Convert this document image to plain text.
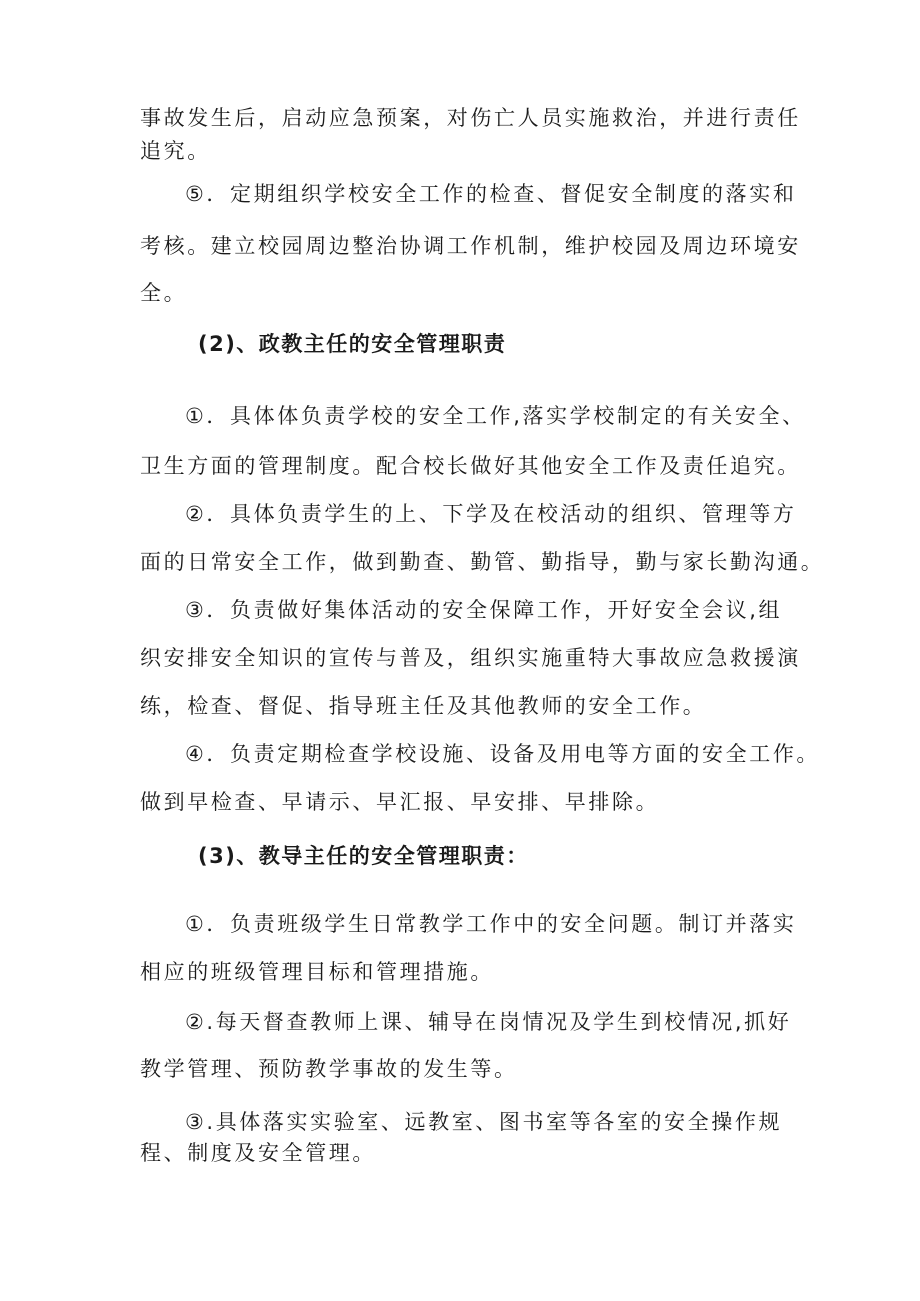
事故发生后，启动应急预案，对伤亡人员实施救治，并进行责任
追究。
⑤．定期组织学校安全工作的检查、督促安全制度的落实和
考核。建立校园周边整治协调工作机制，维护校园及周边环境安
全。
(2)、政教主任的安全管理职责
①．具体体负责学校的安全工作,落实学校制定的有关安全、
卫生方面的管理制度。配合校长做好其他安全工作及责任追究。
②．具体负责学生的上、下学及在校活动的组织、管理等方
面的日常安全工作，做到勤查、勤管、勤指导，勤与家长勤沟通。
③．负责做好集体活动的安全保障工作，开好安全会议,组
织安排安全知识的宣传与普及，组织实施重特大事故应急救援演
练，检查、督促、指导班主任及其他教师的安全工作。
④．负责定期检查学校设施、设备及用电等方面的安全工作。
做到早检查、早请示、早汇报、早安排、早排除。
(3)、教导主任的安全管理职责：
①．负责班级学生日常教学工作中的安全问题。制订并落实
相应的班级管理目标和管理措施。
②.每天督查教师上课、辅导在岗情况及学生到校情况,抓好
教学管理、预防教学事故的发生等。
③.具体落实实验室、远教室、图书室等各室的安全操作规
程、制度及安全管理。
